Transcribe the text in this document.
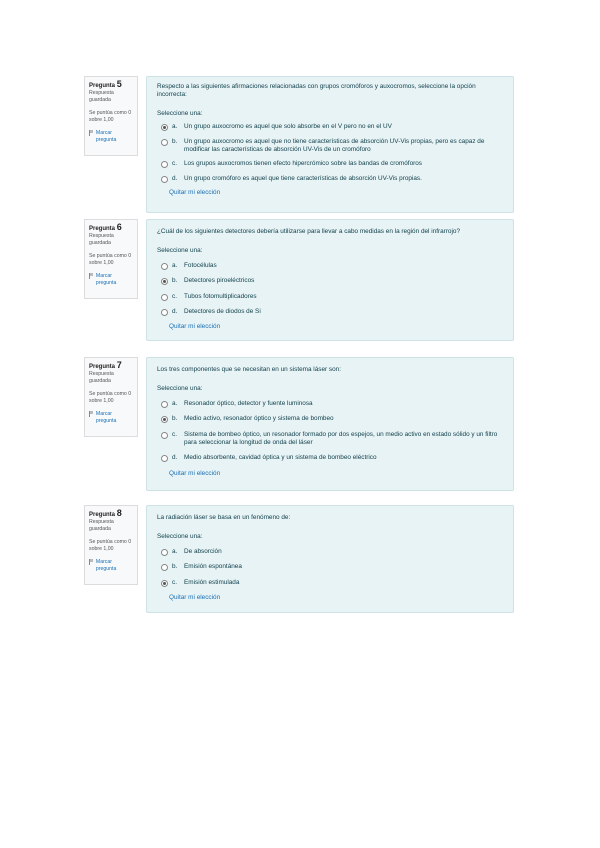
Pregunta 5
Respuesta guardada
Se puntúa como 0 sobre 1,00
Marcar pregunta
Respecto a las siguientes afirmaciones relacionadas con grupos cromóforos y auxocromos, seleccione la opción incorrecta:
Seleccione una:
a.	Un grupo auxocromo es aquel que solo absorbe en el V pero no en el UV
b.	Un grupo auxocromo es aquel que no tiene características de absorción UV-Vis propias, pero es capaz de modificar las características de absorción UV-Vis de un cromóforo
c.	Los grupos auxocromos tienen efecto hipercrómico sobre las bandas de cromóforos
d.	Un grupo cromóforo es aquel que tiene características de absorción UV-Vis propias.
Quitar mi elección
Pregunta 6
Respuesta guardada
Se puntúa como 0 sobre 1,00
Marcar pregunta
¿Cuál de los siguientes detectores debería utilizarse para llevar a cabo medidas en la región del infrarrojo?
Seleccione una:
a.	Fotocélulas
b.	Detectores piroeléctricos
c.	Tubos fotomultiplicadores
d.	Detectores de diodos de Si
Quitar mi elección
Pregunta 7
Respuesta guardada
Se puntúa como 0 sobre 1,00
Marcar pregunta
Los tres componentes que se necesitan en un sistema láser son:
Seleccione una:
a.	Resonador óptico, detector y fuente luminosa
b.	Medio activo, resonador óptico y sistema de bombeo
c.	Sistema de bombeo óptico, un resonador formado por dos espejos, un medio activo en estado sólido y un filtro para seleccionar la longitud de onda del láser
d.	Medio absorbente, cavidad óptica y un sistema de bombeo eléctrico
Quitar mi elección
Pregunta 8
Respuesta guardada
Se puntúa como 0 sobre 1,00
Marcar pregunta
La radiación láser se basa en un fenómeno de:
Seleccione una:
a.	De absorción
b.	Emisión espontánea
c.	Emisión estimulada
Quitar mi elección
